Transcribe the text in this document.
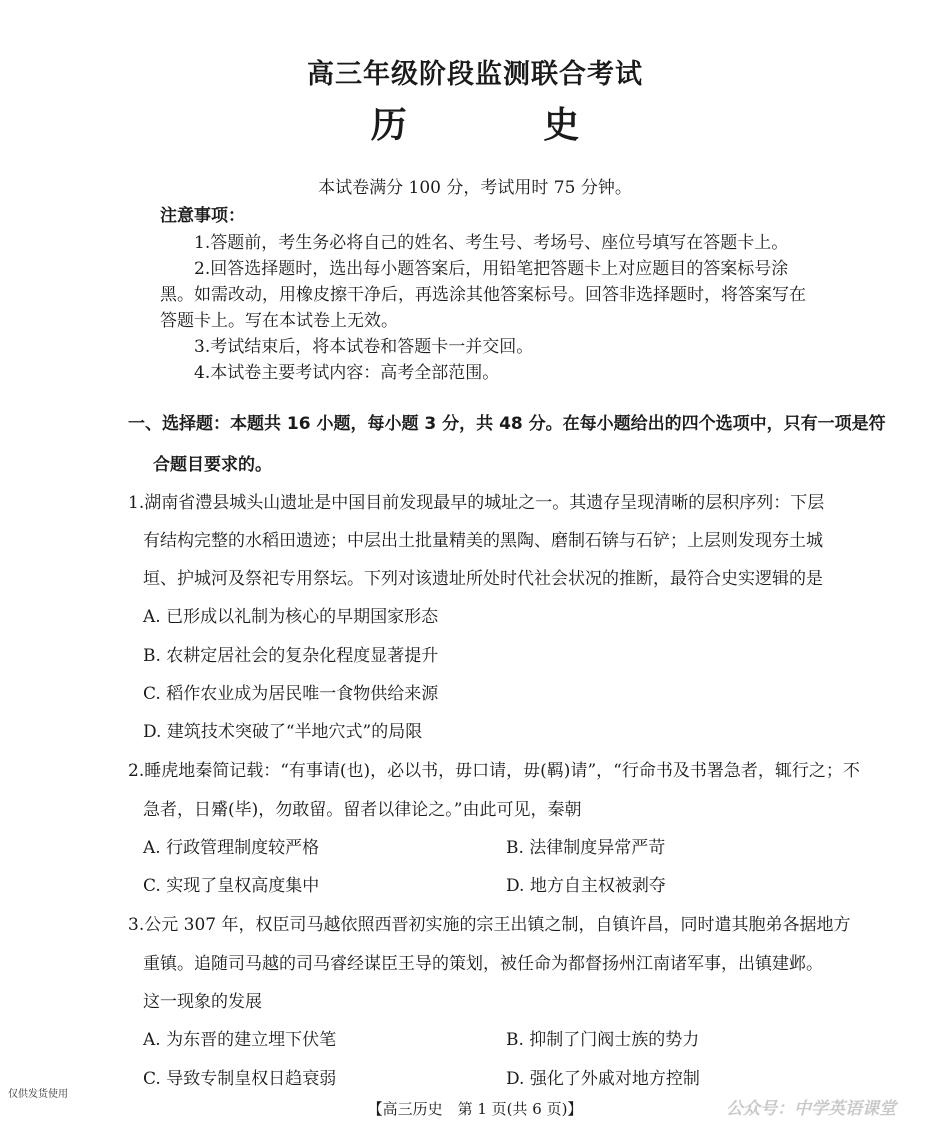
高三年级阶段监测联合考试
历 史
本试卷满分 100 分，考试用时 75 分钟。
注意事项：
1.答题前，考生务必将自己的姓名、考生号、考场号、座位号填写在答题卡上。
2.回答选择题时，选出每小题答案后，用铅笔把答题卡上对应题目的答案标号涂
黑。如需改动，用橡皮擦干净后，再选涂其他答案标号。回答非选择题时，将答案写在
答题卡上。写在本试卷上无效。
3.考试结束后，将本试卷和答题卡一并交回。
4.本试卷主要考试内容：高考全部范围。
一、选择题：本题共 16 小题，每小题 3 分，共 48 分。在每小题给出的四个选项中，只有一项是符
合题目要求的。
1.湖南省澧县城头山遗址是中国目前发现最早的城址之一。其遗存呈现清晰的层积序列：下层
有结构完整的水稻田遗迹；中层出土批量精美的黑陶、磨制石锛与石铲；上层则发现夯土城
垣、护城河及祭祀专用祭坛。下列对该遗址所处时代社会状况的推断，最符合史实逻辑的是
A. 已形成以礼制为核心的早期国家形态
B. 农耕定居社会的复杂化程度显著提升
C. 稻作农业成为居民唯一食物供给来源
D. 建筑技术突破了“半地穴式”的局限
2.睡虎地秦简记载：“有事请(也)，必以书，毋口请，毋(羁)请”，“行命书及书署急者，辄行之；不
急者，日觱(毕)，勿敢留。留者以律论之。”由此可见，秦朝
A. 行政管理制度较严格	B. 法律制度异常严苛
C. 实现了皇权高度集中	D. 地方自主权被剥夺
3.公元 307 年，权臣司马越依照西晋初实施的宗王出镇之制，自镇许昌，同时遣其胞弟各据地方
重镇。追随司马越的司马睿经谋臣王导的策划，被任命为都督扬州江南诸军事，出镇建邺。
这一现象的发展
A. 为东晋的建立埋下伏笔	B. 抑制了门阀士族的势力
C. 导致专制皇权日趋衰弱	D. 强化了外戚对地方控制
仅供发货使用
【高三历史　第 1 页(共 6 页)】	公众号：中学英语课堂
